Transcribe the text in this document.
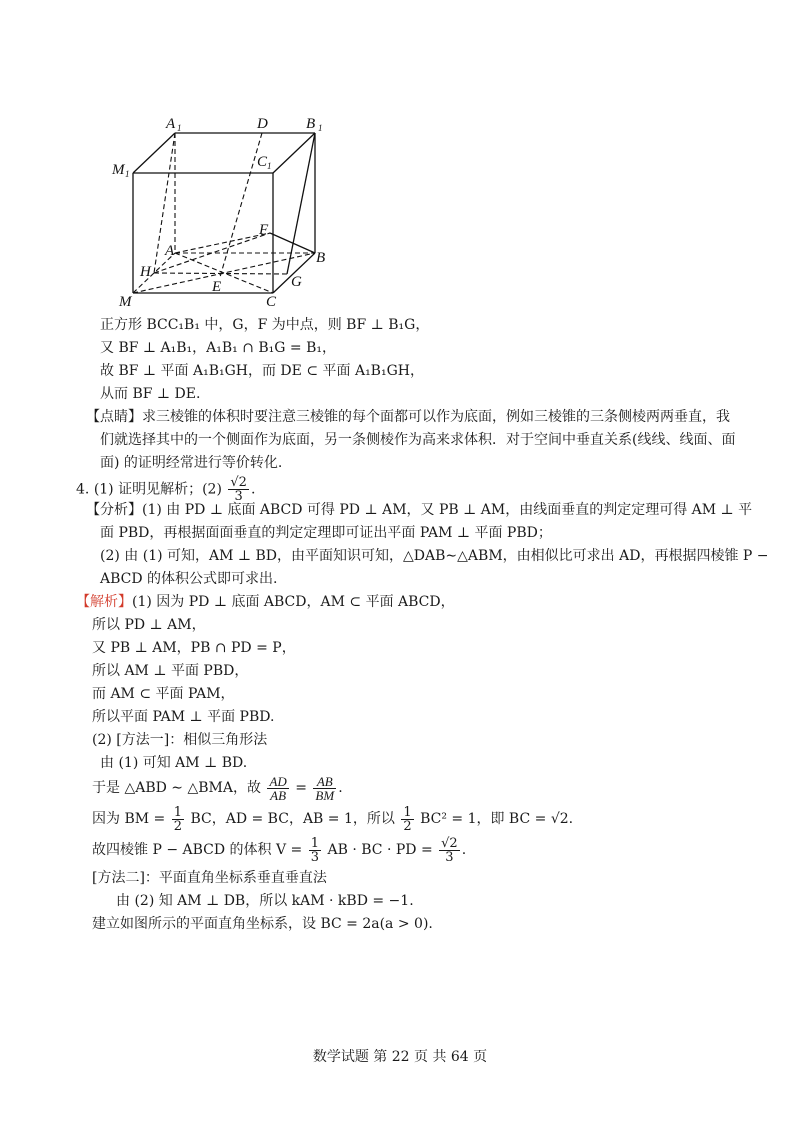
A 1	D	B 1
M 1
C 1
F
A	B
H
E	G
M	C
正方形 BCC₁B₁ 中，G，F 为中点，则 BF ⊥ B₁G，
又 BF ⊥ A₁B₁，A₁B₁ ∩ B₁G = B₁，
故 BF ⊥ 平面 A₁B₁GH，而 DE ⊂ 平面 A₁B₁GH，
从而 BF ⊥ DE.
【点睛】求三棱锥的体积时要注意三棱锥的每个面都可以作为底面，例如三棱锥的三条侧棱两两垂直，我
们就选择其中的一个侧面作为底面，另一条侧棱作为高来求体积．对于空间中垂直关系(线线、线面、面
面) 的证明经常进行等价转化.
4. (1) 证明见解析；$(2) \frac{√2}{3}$ .
【分析】(1) 由 PD ⊥ 底面 ABCD 可得 PD ⊥ AM，又 PB ⊥ AM，由线面垂直的判定定理可得 AM ⊥ 平
面 PBD，再根据面面垂直的判定定理即可证出平面 PAM ⊥ 平面 PBD；
(2) 由 (1) 可知，AM ⊥ BD，由平面知识可知，△DAB∼△ABM，由相似比可求出 AD，再根据四棱锥 P −
ABCD 的体积公式即可求出.
【解析】(1) 因为 PD ⊥ 底面 ABCD，AM ⊂ 平面 ABCD，
所以 PD ⊥ AM，
又 PB ⊥ AM，PB ∩ PD = P，
所以 AM ⊥ 平面 PBD，
而 AM ⊂ 平面 PAM，
所以平面 PAM ⊥ 平面 PBD.
(2) [方法一]：相似三角形法
由 (1) 可知 AM ⊥ BD.
于是 △ABD ∼ △BMA，故 $\frac{AD}{AB} = \frac{AB}{BM}$ .
因为 BM = $\frac{1}{2}$ BC，AD = BC，AB = 1，所以 $\frac{1}{2} BC^2 = 1$，即 BC = √2.
故四棱锥 P − ABCD 的体积 $V = \frac{1}{3}$ AB · BC · PD = $\frac{√2}{3}$ .
[方法二]：平面直角坐标系垂直垂直法
由 (2) 知 AM ⊥ DB，所以 kAM · kBD = −1.
建立如图所示的平面直角坐标系，设 BC = 2a(a > 0).
数学试题 第 22 页 共 64 页
